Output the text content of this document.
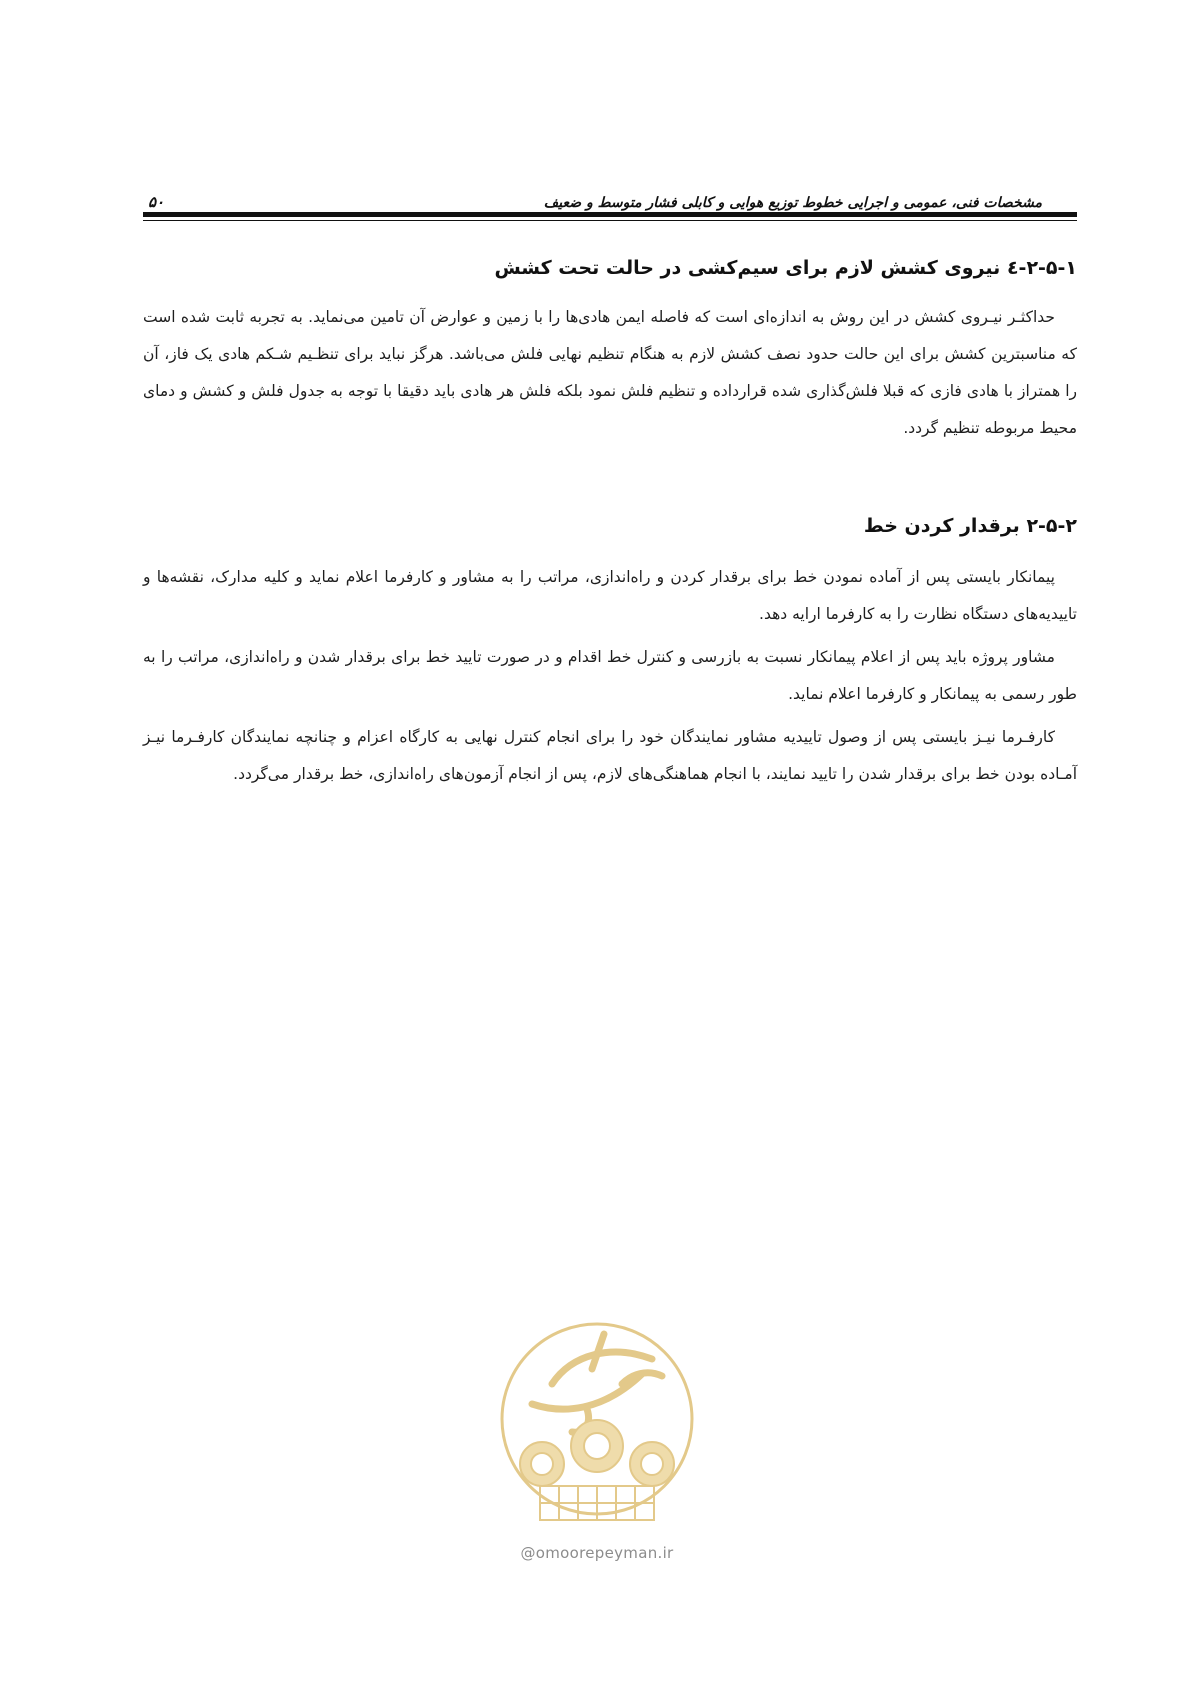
مشخصات فنی، عمومی و اجرایی خطوط توزیع هوایی و کابلی فشار متوسط و ضعیف
۵۰
۲-۵-۱-٤ نیروی کشش لازم برای سیم‌کشی در حالت تحت کشش

حداکثـر نیـروی کشش در این روش به اندازه‌ای است که فاصله ایمن هادی‌ها را با زمین و عوارض آن تامین می‌نماید. به تجربه ثابت شده است که مناسبترین کشش برای این حالت حدود نصف کشش لازم به هنگام تنظیم نهایی فلش می‌باشد. هرگز نباید برای تنظـیم شـکم هادی یک فاز، آن را همتراز با هادی فازی که قبلا فلش‌گذاری شده قرارداده و تنظیم فلش نمود بلکه فلش هر هادی باید دقیقا با توجه به جدول فلش و کشش و دمای محیط مربوطه تنظیم گردد.

۲-۵-۲ برقدار کردن خط

پیمانکار بایستی پس از آماده نمودن خط برای برقدار کردن و راه‌اندازی، مراتب را به مشاور و کارفرما اعلام نماید و کلیه مدارک، نقشه‌ها و تاییدیه‌های دستگاه نظارت را به کارفرما ارایه دهد.

مشاور پروژه باید پس از اعلام پیمانکار نسبت به بازرسی و کنترل خط اقدام و در صورت تایید خط برای برقدار شدن و راه‌اندازی، مراتب را به طور رسمی به پیمانکار و کارفرما اعلام نماید.

کارفـرما نیـز بایستی پس از وصول تاییدیه مشاور نمایندگان خود را برای انجام کنترل نهایی به کارگاه اعزام و چنانچه نمایندگان کارفـرما نیـز آمـاده بودن خط برای برقدار شدن را تایید نمایند، با انجام هماهنگی‌های لازم، پس از انجام آزمون‌های راه‌اندازی، خط برقدار می‌گردد.

@omoorepeyman.ir
